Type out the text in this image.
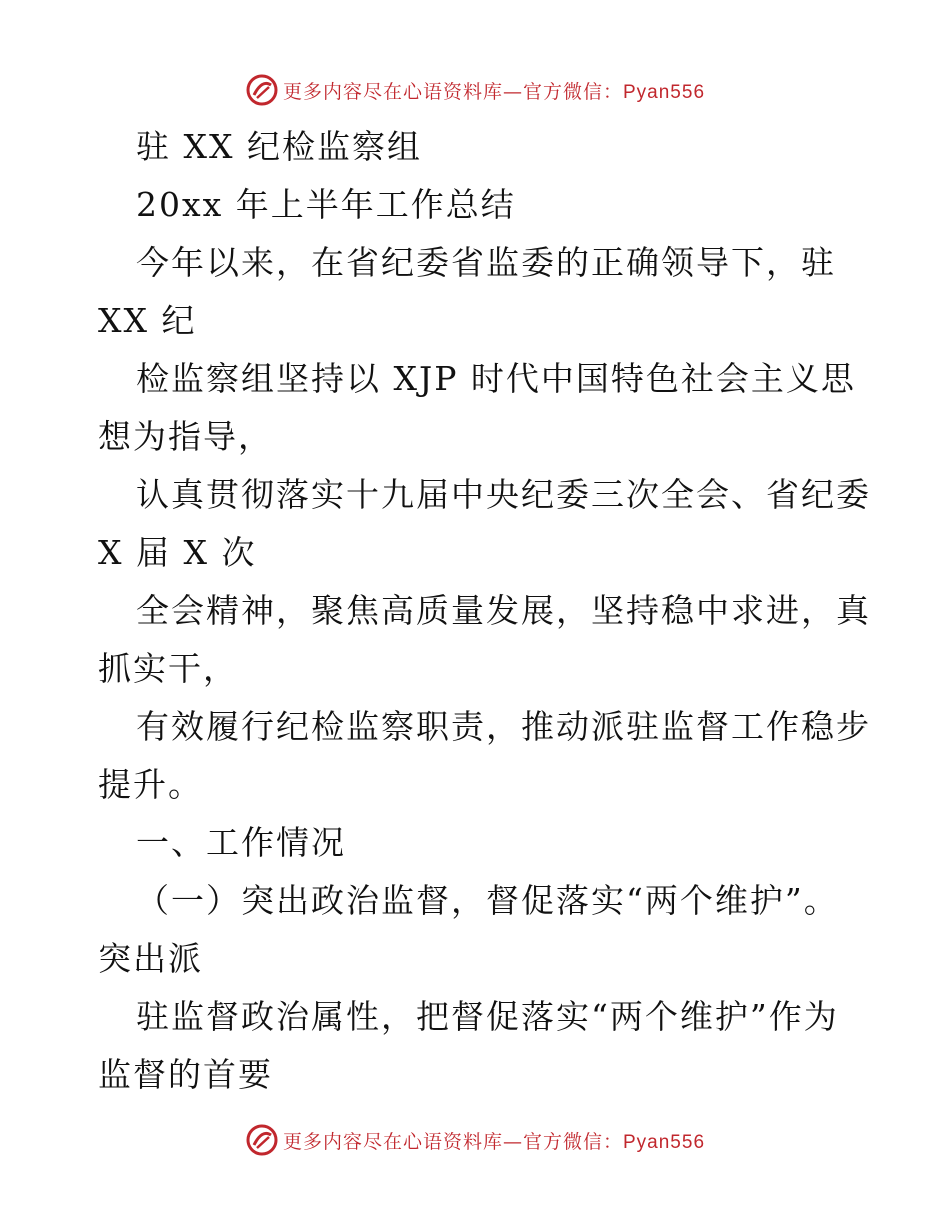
更多内容尽在心语资料库—官方微信：Pyan556
驻 XX 纪检监察组
20xx 年上半年工作总结
今年以来，在省纪委省监委的正确领导下，驻
XX 纪
检监察组坚持以 XJP 时代中国特色社会主义思
想为指导，
认真贯彻落实十九届中央纪委三次全会、省纪委
X 届 X 次
全会精神，聚焦高质量发展，坚持稳中求进，真
抓实干，
有效履行纪检监察职责，推动派驻监督工作稳步
提升。
一、工作情况
（一）突出政治监督，督促落实“两个维护”。
突出派
驻监督政治属性，把督促落实“两个维护”作为
监督的首要
更多内容尽在心语资料库—官方微信：Pyan556
